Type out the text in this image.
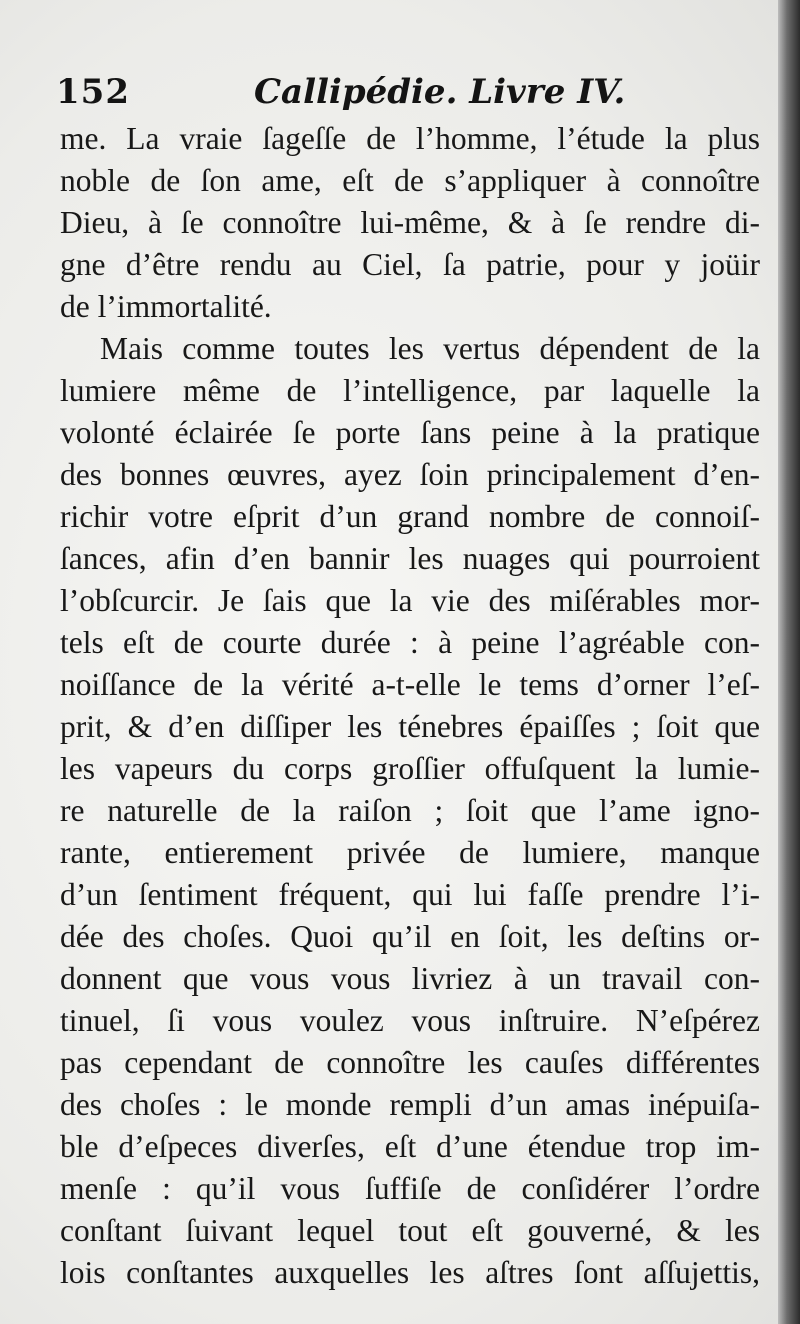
152	Callipédie. Livre IV.
me. La vraie ſageſſe de l’homme, l’étude la plus
noble de ſon ame, eſt de s’appliquer à connoître
Dieu, à ſe connoître lui-même, & à ſe rendre di-
gne d’être rendu au Ciel, ſa patrie, pour y joüir
de l’immortalité.
Mais comme toutes les vertus dépendent de la
lumiere même de l’intelligence, par laquelle la
volonté éclairée ſe porte ſans peine à la pratique
des bonnes œuvres, ayez ſoin principalement d’en-
richir votre eſprit d’un grand nombre de connoiſ-
ſances, afin d’en bannir les nuages qui pourroient
l’obſcurcir. Je ſais que la vie des miſérables mor-
tels eſt de courte durée : à peine l’agréable con-
noiſſance de la vérité a-t-elle le tems d’orner l’eſ-
prit, & d’en diſſiper les ténebres épaiſſes ; ſoit que
les vapeurs du corps groſſier offuſquent la lumie-
re naturelle de la raiſon ; ſoit que l’ame igno-
rante, entierement privée de lumiere, manque
d’un ſentiment fréquent, qui lui faſſe prendre l’i-
dée des choſes. Quoi qu’il en ſoit, les deſtins or-
donnent que vous vous livriez à un travail con-
tinuel, ſi vous voulez vous inſtruire. N’eſpérez
pas cependant de connoître les cauſes différentes
des choſes : le monde rempli d’un amas inépuiſa-
ble d’eſpeces diverſes, eſt d’une étendue trop im-
menſe : qu’il vous ſuffiſe de conſidérer l’ordre
conſtant ſuivant lequel tout eſt gouverné, & les
lois conſtantes auxquelles les aſtres ſont aſſujettis,
